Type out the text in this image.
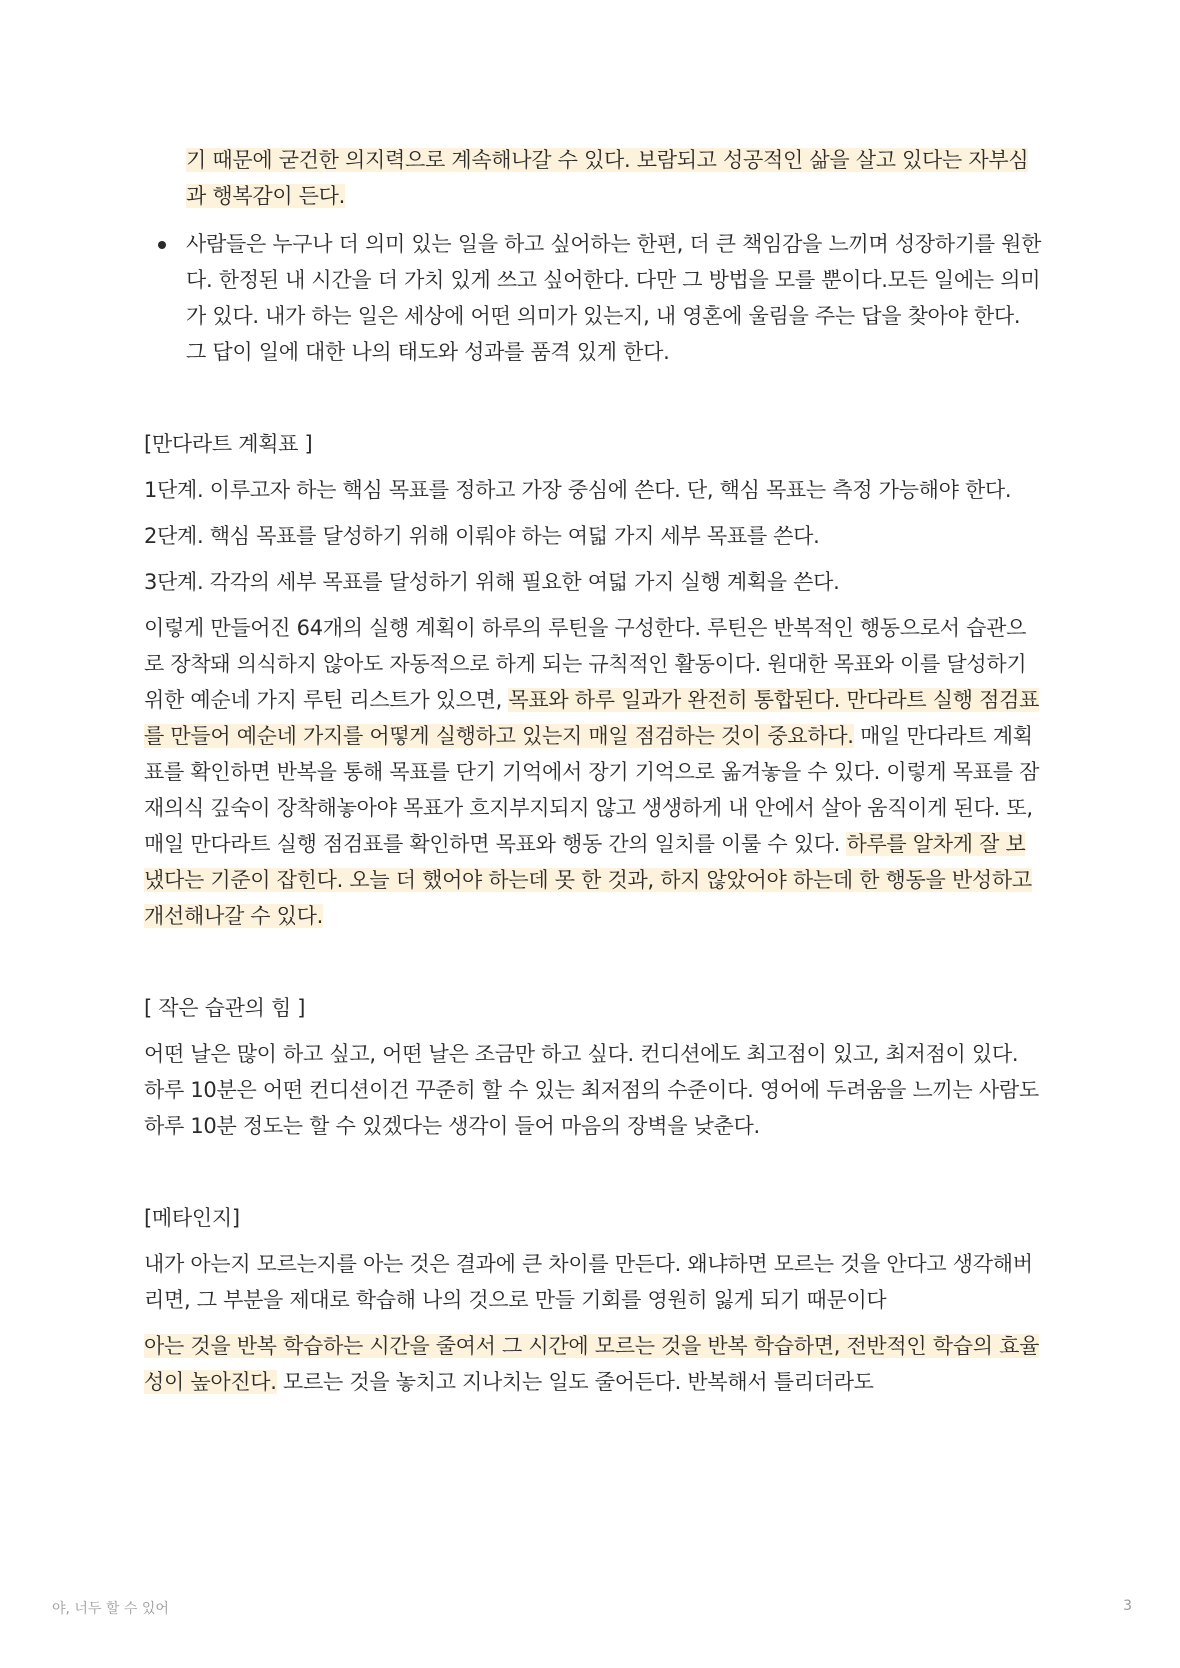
기 때문에 굳건한 의지력으로 계속해나갈 수 있다. 보람되고 성공적인 삶을 살고 있다는 자부심과 행복감이 든다.
사람들은 누구나 더 의미 있는 일을 하고 싶어하는 한편, 더 큰 책임감을 느끼며 성장하기를 원한다. 한정된 내 시간을 더 가치 있게 쓰고 싶어한다. 다만 그 방법을 모를 뿐이다.모든 일에는 의미가 있다. 내가 하는 일은 세상에 어떤 의미가 있는지, 내 영혼에 울림을 주는 답을 찾아야 한다. 그 답이 일에 대한 나의 태도와 성과를 품격 있게 한다.

[만다라트 계획표 ]

1단계. 이루고자 하는 핵심 목표를 정하고 가장 중심에 쓴다. 단, 핵심 목표는 측정 가능해야 한다.

2단계. 핵심 목표를 달성하기 위해 이뤄야 하는 여덟 가지 세부 목표를 쓴다.

3단계. 각각의 세부 목표를 달성하기 위해 필요한 여덟 가지 실행 계획을 쓴다.

이렇게 만들어진 64개의 실행 계획이 하루의 루틴을 구성한다. 루틴은 반복적인 행동으로서 습관으로 장착돼 의식하지 않아도 자동적으로 하게 되는 규칙적인 활동이다. 원대한 목표와 이를 달성하기 위한 예순네 가지 루틴 리스트가 있으면, 목표와 하루 일과가 완전히 통합된다. 만다라트 실행 점검표를 만들어 예순네 가지를 어떻게 실행하고 있는지 매일 점검하는 것이 중요하다. 매일 만다라트 계획표를 확인하면 반복을 통해 목표를 단기 기억에서 장기 기억으로 옮겨놓을 수 있다. 이렇게 목표를 잠재의식 깊숙이 장착해놓아야 목표가 흐지부지되지 않고 생생하게 내 안에서 살아 움직이게 된다. 또, 매일 만다라트 실행 점검표를 확인하면 목표와 행동 간의 일치를 이룰 수 있다. 하루를 알차게 잘 보냈다는 기준이 잡힌다. 오늘 더 했어야 하는데 못 한 것과, 하지 않았어야 하는데 한 행동을 반성하고 개선해나갈 수 있다.

[ 작은 습관의 힘 ]

어떤 날은 많이 하고 싶고, 어떤 날은 조금만 하고 싶다. 컨디션에도 최고점이 있고, 최저점이 있다. 하루 10분은 어떤 컨디션이건 꾸준히 할 수 있는 최저점의 수준이다. 영어에 두려움을 느끼는 사람도 하루 10분 정도는 할 수 있겠다는 생각이 들어 마음의 장벽을 낮춘다.

[메타인지]

내가 아는지 모르는지를 아는 것은 결과에 큰 차이를 만든다. 왜냐하면 모르는 것을 안다고 생각해버리면, 그 부분을 제대로 학습해 나의 것으로 만들 기회를 영원히 잃게 되기 때문이다

아는 것을 반복 학습하는 시간을 줄여서 그 시간에 모르는 것을 반복 학습하면, 전반적인 학습의 효율성이 높아진다. 모르는 것을 놓치고 지나치는 일도 줄어든다. 반복해서 틀리더라도

야, 너두 할 수 있어	3
